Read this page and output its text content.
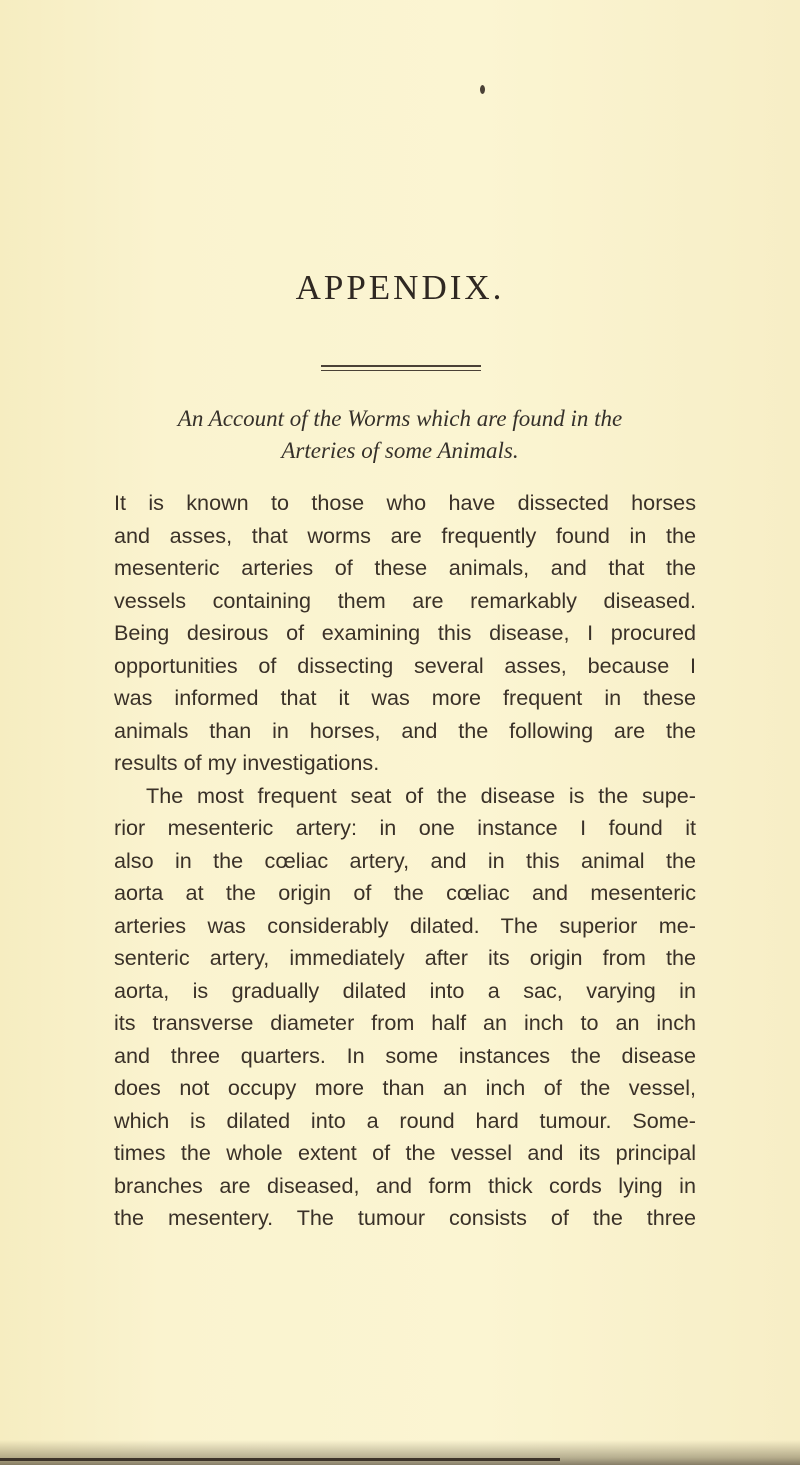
APPENDIX.
An Account of the Worms which are found in the
Arteries of some Animals.
It is known to those who have dissected horses
and asses, that worms are frequently found in the
mesenteric arteries of these animals, and that the
vessels containing them are remarkably diseased.
Being desirous of examining this disease, I procured
opportunities of dissecting several asses, because I
was informed that it was more frequent in these
animals than in horses, and the following are the
results of my investigations.
The most frequent seat of the disease is the supe-
rior mesenteric artery: in one instance I found it
also in the cœliac artery, and in this animal the
aorta at the origin of the cœliac and mesenteric
arteries was considerably dilated. The superior me-
senteric artery, immediately after its origin from the
aorta, is gradually dilated into a sac, varying in
its transverse diameter from half an inch to an inch
and three quarters. In some instances the disease
does not occupy more than an inch of the vessel,
which is dilated into a round hard tumour. Some-
times the whole extent of the vessel and its principal
branches are diseased, and form thick cords lying in
the mesentery. The tumour consists of the three
